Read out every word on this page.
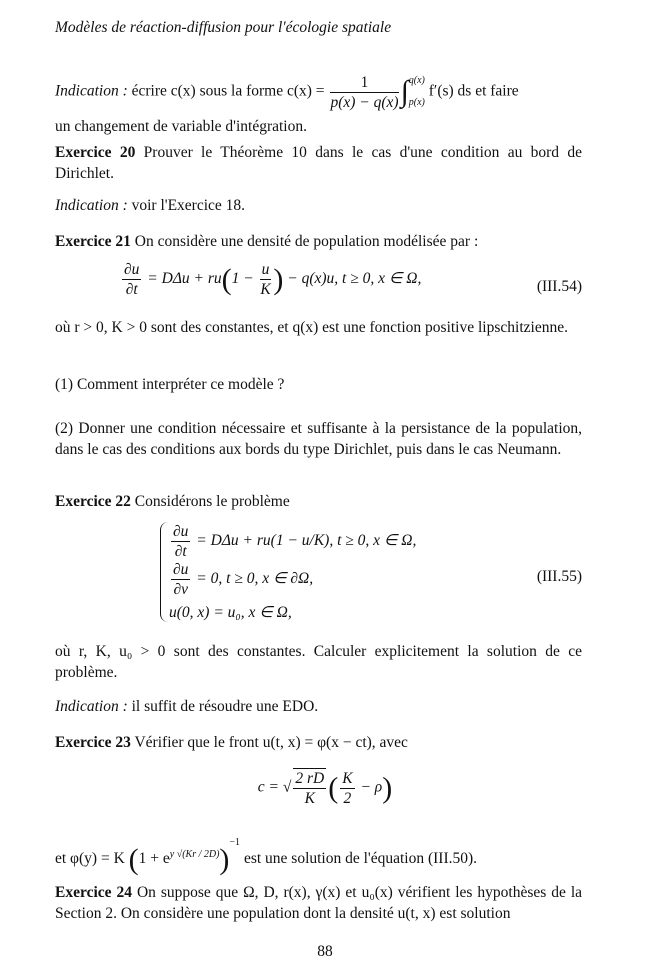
Modèles de réaction-diffusion pour l'écologie spatiale
Indication : écrire c(x) sous la forme $c(x) = \frac{1}{p(x) - q(x)}$ ∫ q(x)
p(x)
f′(s) ds et faire
un changement de variable d'intégration.
Exercice 20 Prouver le Théorème 10 dans le cas d'une condition au bord de Dirichlet.
Indication : voir l'Exercice 18.
Exercice 21 On considère une densité de population modélisée par :
$\frac{\partial u}{\partial t} = D\Delta u + ru(1 - \frac{u}{K}$ ) − q(x)u, t ≥ 0, x ∈ Ω,	(III.54)
où r > 0, K > 0 sont des constantes, et q(x) est une fonction positive lipschitzienne.
(1) Comment interpréter ce modèle ?
(2) Donner une condition nécessaire et suffisante à la persistance de la population, dans le cas des conditions aux bords du type Dirichlet, puis dans le cas Neumann.
Exercice 22 Considérons le problème
$\frac{\partial u}{\partial t} = D\Delta u + ru(1 - u/K)$, t ≥ 0, x ∈ Ω,
$\frac{\partial u}{\partial\nu} = 0$, t ≥ 0, x ∈ ∂Ω,
u(0, x) = u₀, x ∈ Ω,
(III.55)
où r, K, u₀ > 0 sont des constantes. Calculer explicitement la solution de ce problème.
Indication : il suffit de résoudre une EDO.
Exercice 23 Vérifier que le front u(t, x) = φ(x − ct), avec
c = √ $\frac{2 rD}{K}$ ( $\frac{K}{2} - \rho$)
et φ(y) = K $(1 + e^{y √(Kr / 2D)})^{-1}$ est une solution de l'équation (III.50).
Exercice 24 On suppose que Ω, D, r(x), γ(x) et u₀(x) vérifient les hypothèses de la Section 2. On considère une population dont la densité u(t, x) est solution
88
